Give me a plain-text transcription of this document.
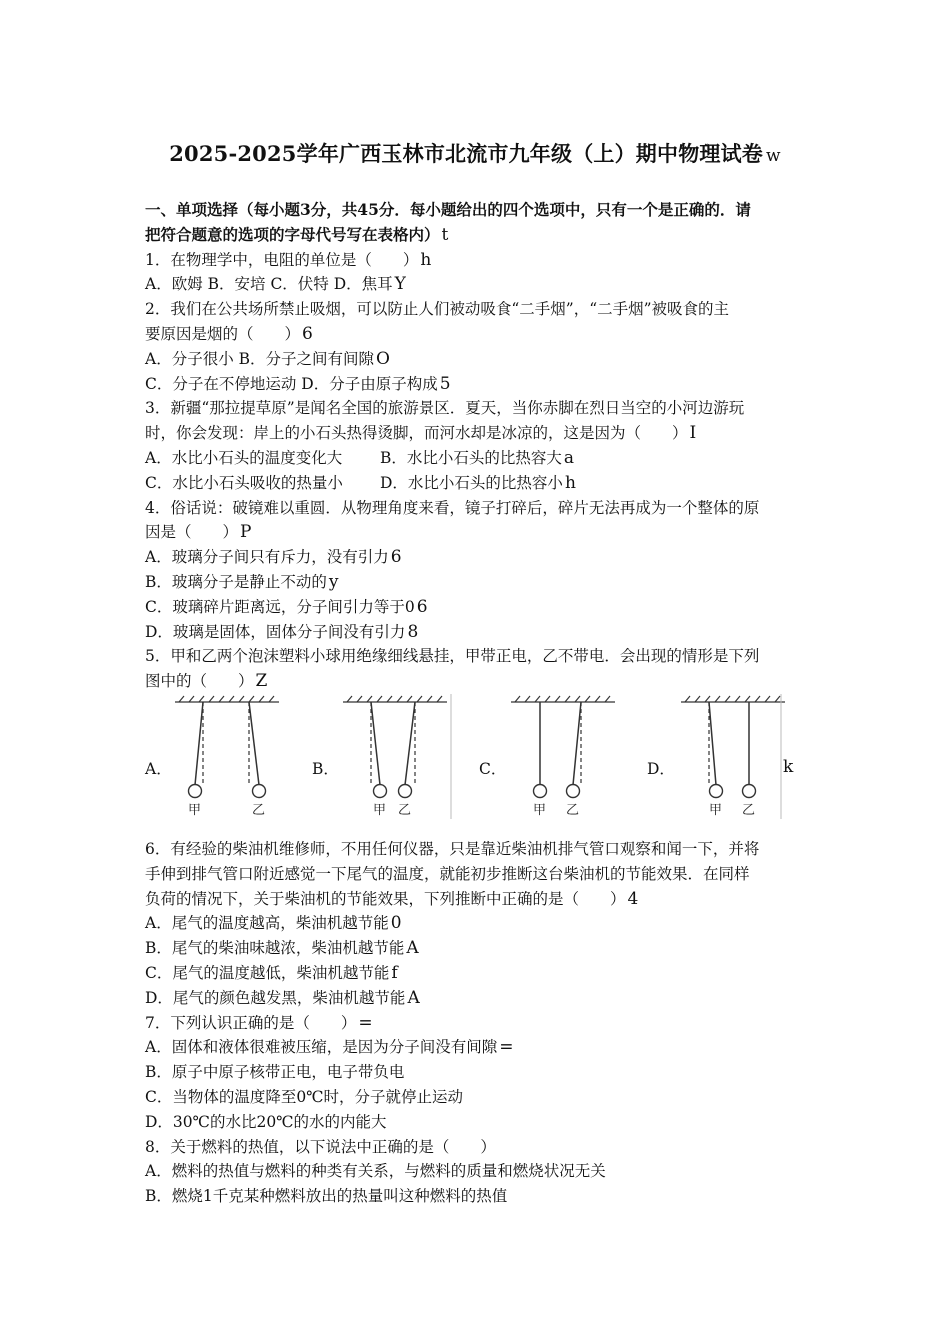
2025-2025学年广西玉林市北流市九年级（上）期中物理试卷 w
一、单项选择（每小题3分，共45分．每小题给出的四个选项中，只有一个是正确的．请
把符合题意的选项的字母代号写在表格内） t
1．在物理学中，电阻的单位是（　　） h
A．欧姆 B．安培 C．伏特 D．焦耳 Y
2．我们在公共场所禁止吸烟，可以防止人们被动吸食“二手烟”，“二手烟”被吸食的主
要原因是烟的（　　） 6
A．分子很小 B．分子之间有间隙 O
C．分子在不停地运动 D．分子由原子构成 5
3．新疆“那拉提草原”是闻名全国的旅游景区．夏天，当你赤脚在烈日当空的小河边游玩
时，你会发现：岸上的小石头热得烫脚，而河水却是冰凉的，这是因为（　　） I
A．水比小石头的温度变化大	B．水比小石头的比热容大 a
C．水比小石头吸收的热量小	D．水比小石头的比热容小 h
4．俗话说：破镜难以重圆．从物理角度来看，镜子打碎后，碎片无法再成为一个整体的原
因是（　　） P
A．玻璃分子间只有斥力，没有引力 6
B．玻璃分子是静止不动的 y
C．玻璃碎片距离远，分子间引力等于0 6
D．玻璃是固体，固体分子间没有引力 8
5．甲和乙两个泡沫塑料小球用绝缘细线悬挂，甲带正电，乙不带电．会出现的情形是下列
图中的（　　） Z
A．
甲	乙
B．
甲 乙
C．
甲 乙
D．
甲 乙
k
6．有经验的柴油机维修师，不用任何仪器，只是靠近柴油机排气管口观察和闻一下，并将
手伸到排气管口附近感觉一下尾气的温度，就能初步推断这台柴油机的节能效果．在同样
负荷的情况下，关于柴油机的节能效果，下列推断中正确的是（　　） 4
A．尾气的温度越高，柴油机越节能 0
B．尾气的柴油味越浓，柴油机越节能 A
C．尾气的温度越低，柴油机越节能 f
D．尾气的颜色越发黑，柴油机越节能 A
7．下列认识正确的是（　　） =
A．固体和液体很难被压缩，是因为分子间没有间隙 =
B．原子中原子核带正电，电子带负电
C．当物体的温度降至0℃时，分子就停止运动
D．30℃的水比20℃的水的内能大
8．关于燃料的热值，以下说法中正确的是（　　）
A．燃料的热值与燃料的种类有关系，与燃料的质量和燃烧状况无关
B．燃烧1千克某种燃料放出的热量叫这种燃料的热值
